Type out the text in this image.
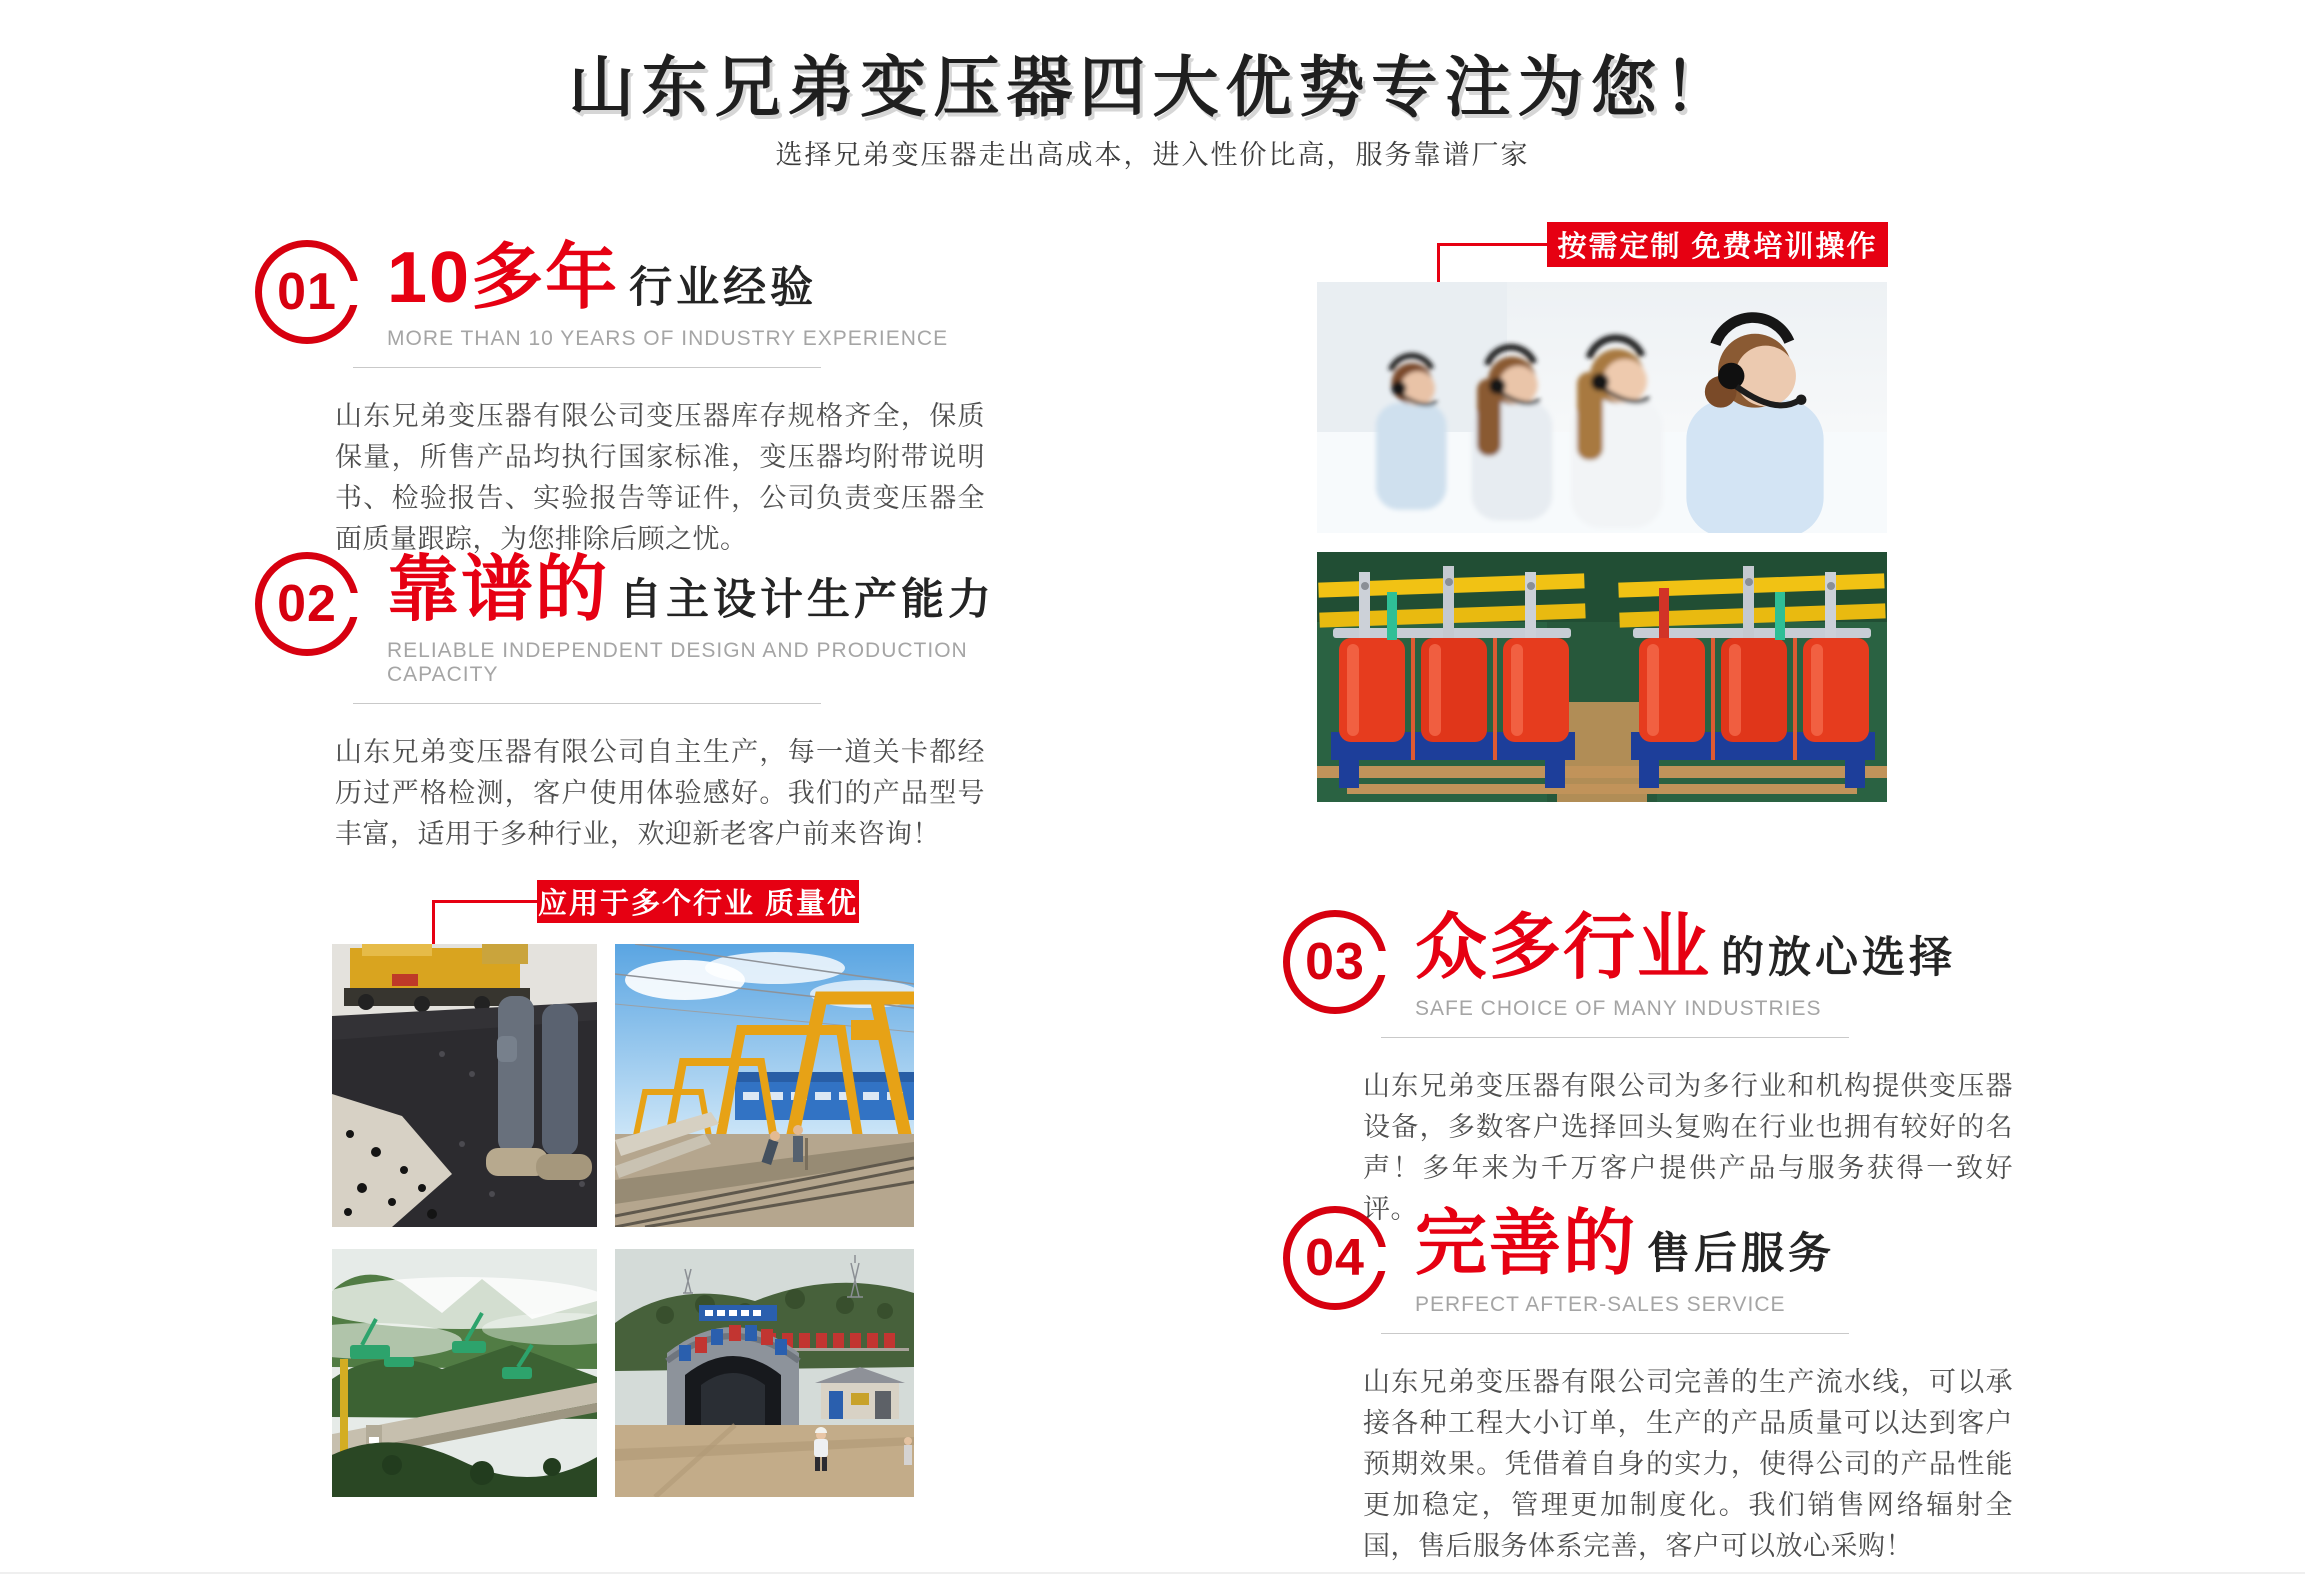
山东兄弟变压器四大优势专注为您！
选择兄弟变压器走出高成本，进入性价比高，服务靠谱厂家
01 10多年 行业经验
MORE THAN 10 YEARS OF INDUSTRY EXPERIENCE

山东兄弟变压器有限公司变压器库存规格齐全，保质保量，所售产品均执行国家标准，变压器均附带说明书、检验报告、实验报告等证件，公司负责变压器全面质量跟踪，为您排除后顾之忧。

02 靠谱的 自主设计生产能力
RELIABLE INDEPENDENT DESIGN AND PRODUCTION CAPACITY

山东兄弟变压器有限公司自主生产，每一道关卡都经历过严格检测，客户使用体验感好。我们的产品型号丰富，适用于多种行业，欢迎新老客户前来咨询！

03 众多行业 的放心选择
SAFE CHOICE OF MANY INDUSTRIES

山东兄弟变压器有限公司为多行业和机构提供变压器设备，多数客户选择回头复购在行业也拥有较好的名声！多年来为千万客户提供产品与服务获得一致好评。

04 完善的 售后服务
PERFECT AFTER-SALES SERVICE

山东兄弟变压器有限公司完善的生产流水线，可以承接各种工程大小订单，生产的产品质量可以达到客户预期效果。凭借着自身的实力，使得公司的产品性能更加稳定，管理更加制度化。我们销售网络辐射全国，售后服务体系完善，客户可以放心采购！

按需定制 免费培训操作
应用于多个行业 质量优
